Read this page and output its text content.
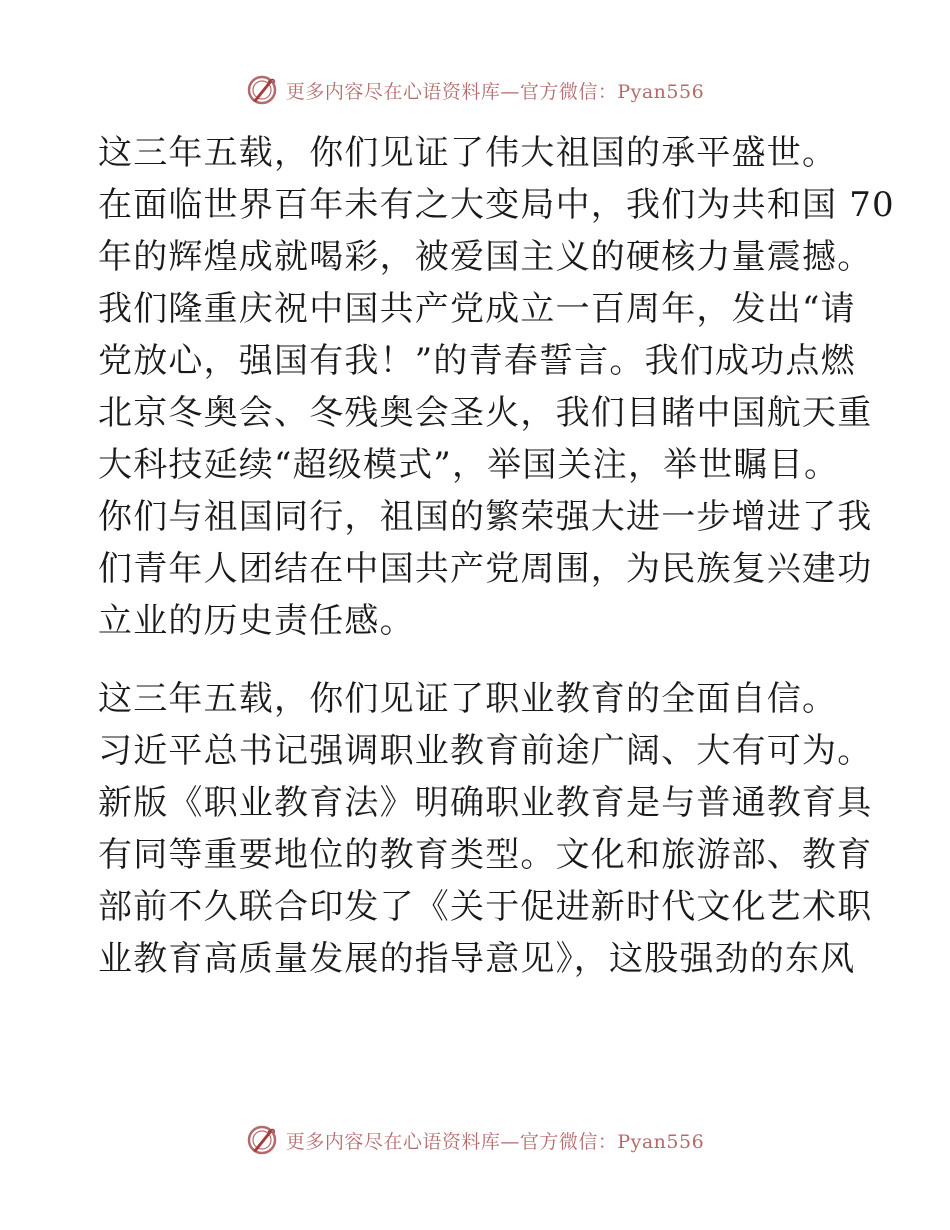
更多内容尽在心语资料库—官方微信：Pyan556
这三年五载，你们见证了伟大祖国的承平盛世。
在面临世界百年未有之大变局中，我们为共和国 70
年的辉煌成就喝彩，被爱国主义的硬核力量震撼。
我们隆重庆祝中国共产党成立一百周年，发出“请
党放心，强国有我！”的青春誓言。我们成功点燃
北京冬奥会、冬残奥会圣火，我们目睹中国航天重
大科技延续“超级模式”，举国关注，举世瞩目。
你们与祖国同行，祖国的繁荣强大进一步增进了我
们青年人团结在中国共产党周围，为民族复兴建功
立业的历史责任感。
这三年五载，你们见证了职业教育的全面自信。
习近平总书记强调职业教育前途广阔、大有可为。
新版《职业教育法》明确职业教育是与普通教育具
有同等重要地位的教育类型。文化和旅游部、教育
部前不久联合印发了《关于促进新时代文化艺术职
业教育高质量发展的指导意见》，这股强劲的东风
更多内容尽在心语资料库—官方微信：Pyan556
